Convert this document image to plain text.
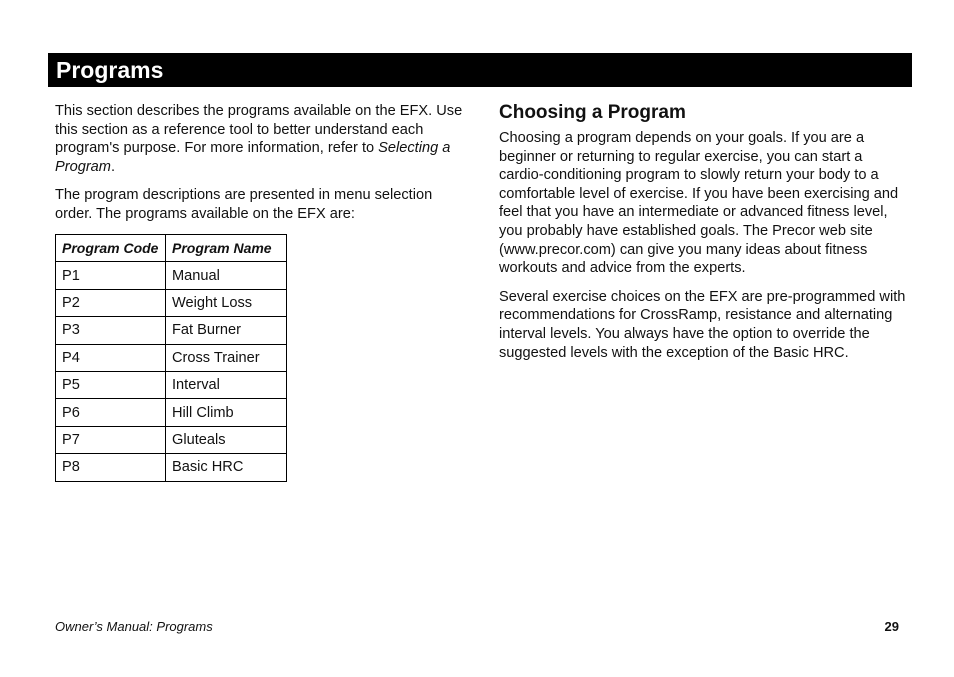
Programs

This section describes the programs available on the EFX. Use this section as a reference tool to better understand each program's purpose. For more information, refer to Selecting a Program.

The program descriptions are presented in menu selection order. The programs available on the EFX are:

Program Code	Program Name
P1	Manual
P2	Weight Loss
P3	Fat Burner
P4	Cross Trainer
P5	Interval
P6	Hill Climb
P7	Gluteals
P8	Basic HRC
Choosing a Program

Choosing a program depends on your goals. If you are a beginner or returning to regular exercise, you can start a cardio-conditioning program to slowly return your body to a comfortable level of exercise. If you have been exercising and feel that you have an intermediate or advanced fitness level, you probably have established goals. The Precor web site (www.precor.com) can give you many ideas about fitness workouts and advice from the experts.

Several exercise choices on the EFX are pre-programmed with recommendations for CrossRamp, resistance and alternating interval levels. You always have the option to override the suggested levels with the exception of the Basic HRC.

Owner’s Manual: Programs	29
